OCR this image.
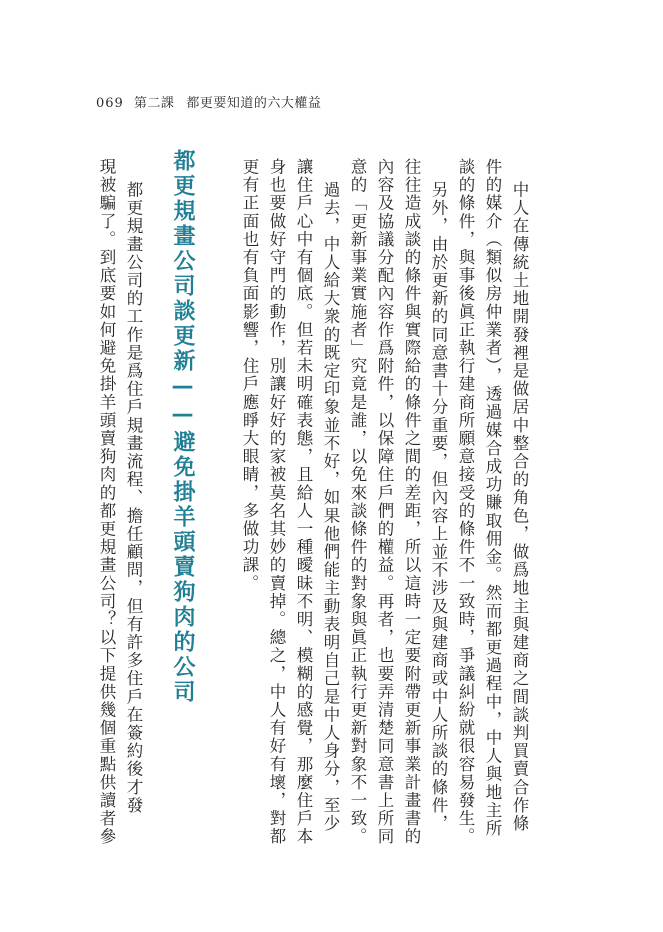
069 第二課 都更要知道的六大權益
中人在傳統土地開發裡是做居中整合的角色，做爲地主與建商之間談判買賣合作條
件的媒介（類似房仲業者），透過媒合成功賺取佣金。然而都更過程中，中人與地主所
談的條件，與事後眞正執行建商所願意接受的條件不一致時，爭議糾紛就很容易發生。
另外，由於更新的同意書十分重要，但內容上並不涉及與建商或中人所談的條件，
往往造成談的條件與實際給的條件之間的差距，所以這時一定要附帶更新事業計畫書的
內容及協議分配內容作爲附件，以保障住戶們的權益。再者，也要弄清楚同意書上所同
意的「更新事業實施者」究竟是誰，以免來談條件的對象與眞正執行更新對象不一致。
過去，中人給大衆的既定印象並不好，如果他們能主動表明自己是中人身分，至少
讓住戶心中有個底。但若未明確表態，且給人一種曖昧不明、模糊的感覺，那麼住戶本
身也要做好守門的動作，別讓好好的家被莫名其妙的賣掉。總之，中人有好有壞，對都
更有正面也有負面影響，住戶應睜大眼睛，多做功課。
都更規畫公司談更新——避免掛羊頭賣狗肉的公司
都更規畫公司的工作是爲住戶規畫流程、擔任顧問，但有許多住戶在簽約後才發
現被騙了。到底要如何避免掛羊頭賣狗肉的都更規畫公司？以下提供幾個重點供讀者參
